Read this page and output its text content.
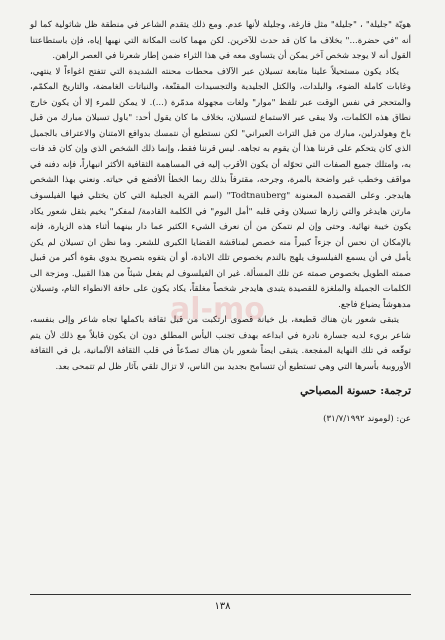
هويّة "جليلة" ، "جليلة" مثل فارغة، وجليلة لأنها عدم. ومع ذلك يتقدم الشاعر في منطقة ظل شاثولية كما لو أنه "في حضرة..." بخلاف ما كان قد حدث للآخرين. لكن مهما كانت المكانة التي نهبها إياه، فإن باستطاعتنا القول أنه لا يوجد شخص آخر يمكن أن يتساوى معه في هذا الثراء ضمن إطار شعرنا في العصر الراهن.

يكاد يكون مستحيلاً علينا متابعة تسيلان عبر الآلاف محطات محنته الشديدة التي تتفتح اغواءاً لا ينتهي، وغابات كاملة الضوء، والبلدات، والكتل الجليدية والتجسيدات المقنّعة، والنباتات الغامضة، والتاريخ المكمّم، والمتحجر في نفس الوقت عبر تلفظ "موار" ولغات مجهولة مدمّرة (...). لا يمكن للمرء إلا أن يكون خارج نطاق هذه الكلمات، ولا يبقى عبر الاستماع لتسيلان، بخلاف ما كان يقول أحد: "باول تسيلان مبارك من قبل باخ وهولدرلين، مبارك من قبل التراث العبراني" لكن نستطيع أن نتمسك بدوافع الامتنان والاعتراف بالجميل الذي كان يتحكم على قرننا هذا أن يقوم به تجاهه. ليس قرننا فقط، وإنما ذلك الشخص الذي وإن كان قد فات به، وامتلك جميع الصفات التي تحوّله أن يكون الأقرب إليه في المساهمة الثقافية الأكثر انبهاراً، فإنه دفنه في مواقف وخطب غير واضحة بالمرة، وجرحه، مقترفاً بذلك ربما الخطأ الأفضع في حياته. ونعني بهذا الشخص هايدجر. وعلى القصيدة المعنونة "Todtnauberg" (اسم القرية الجبلية التي كان يختلي فيها الفيلسوف مارتن هايدغر والتي زارها تسيلان وفي قلبه "أمل اليوم" في الكلمة القادمة/ لمفكر" يخيم بثقل شعور يكاد يكون خيبة نهائية. وحتى وإن لم نتمكن من أن نعرف الشيء الكثير عما دار بينهما أثناء هذه الزيارة، فإنه بالإمكان ان نحس أن جزءاً كبيراً منه خصص لمناقشة القضايا الكبرى للشعر. وما نظن ان تسيلان لم يكن يأمل في أن يسمع الفيلسوف يلهج بالندم بخصوص تلك الابادة، أو أن يتفوه بتصريح يدوي بقوة أكبر من قبيل صمته الطويل بخصوص صمته عن تلك المسألة. غير ان الفيلسوف لم يفعل شيئاً من هذا القبيل. ومزجة الى الكلمات الجميلة والملغزة للقصيدة يتبدى هايدجر شخصاً مغلقاً، يكاد يكون على حافة الانطواء التام، وتسيلان مدهوشاً يضياع فاجع.

يتبقى شعور بان هناك قطيعة، بل خيانة قصوى ارتكبت من قبل ثقافة باكملها تجاه شاعر وإلى بنفسه، شاعر بريء لديه جسارة نادرة في ابداعه بهدف تجنب اليأس المطلق دون ان يكون قابلاً مع ذلك لأن يتم توقّعه في تلك النهاية المفجعة. يتبقى ايضاً شعور بان هناك تصدّعاً في قلب الثقافة الألمانية، بل في الثقافة الأوروبية بأسرها التي وهي تستطيع أن تتسامح بجديد بين الناس، لا تزال تلقي بآثار ظل لم تتمحى بعد.

ترجمة: حسونة المصباحي
عن: (لوموند ٣١/٧/١٩٩٢)
١٣٨
al-mo
